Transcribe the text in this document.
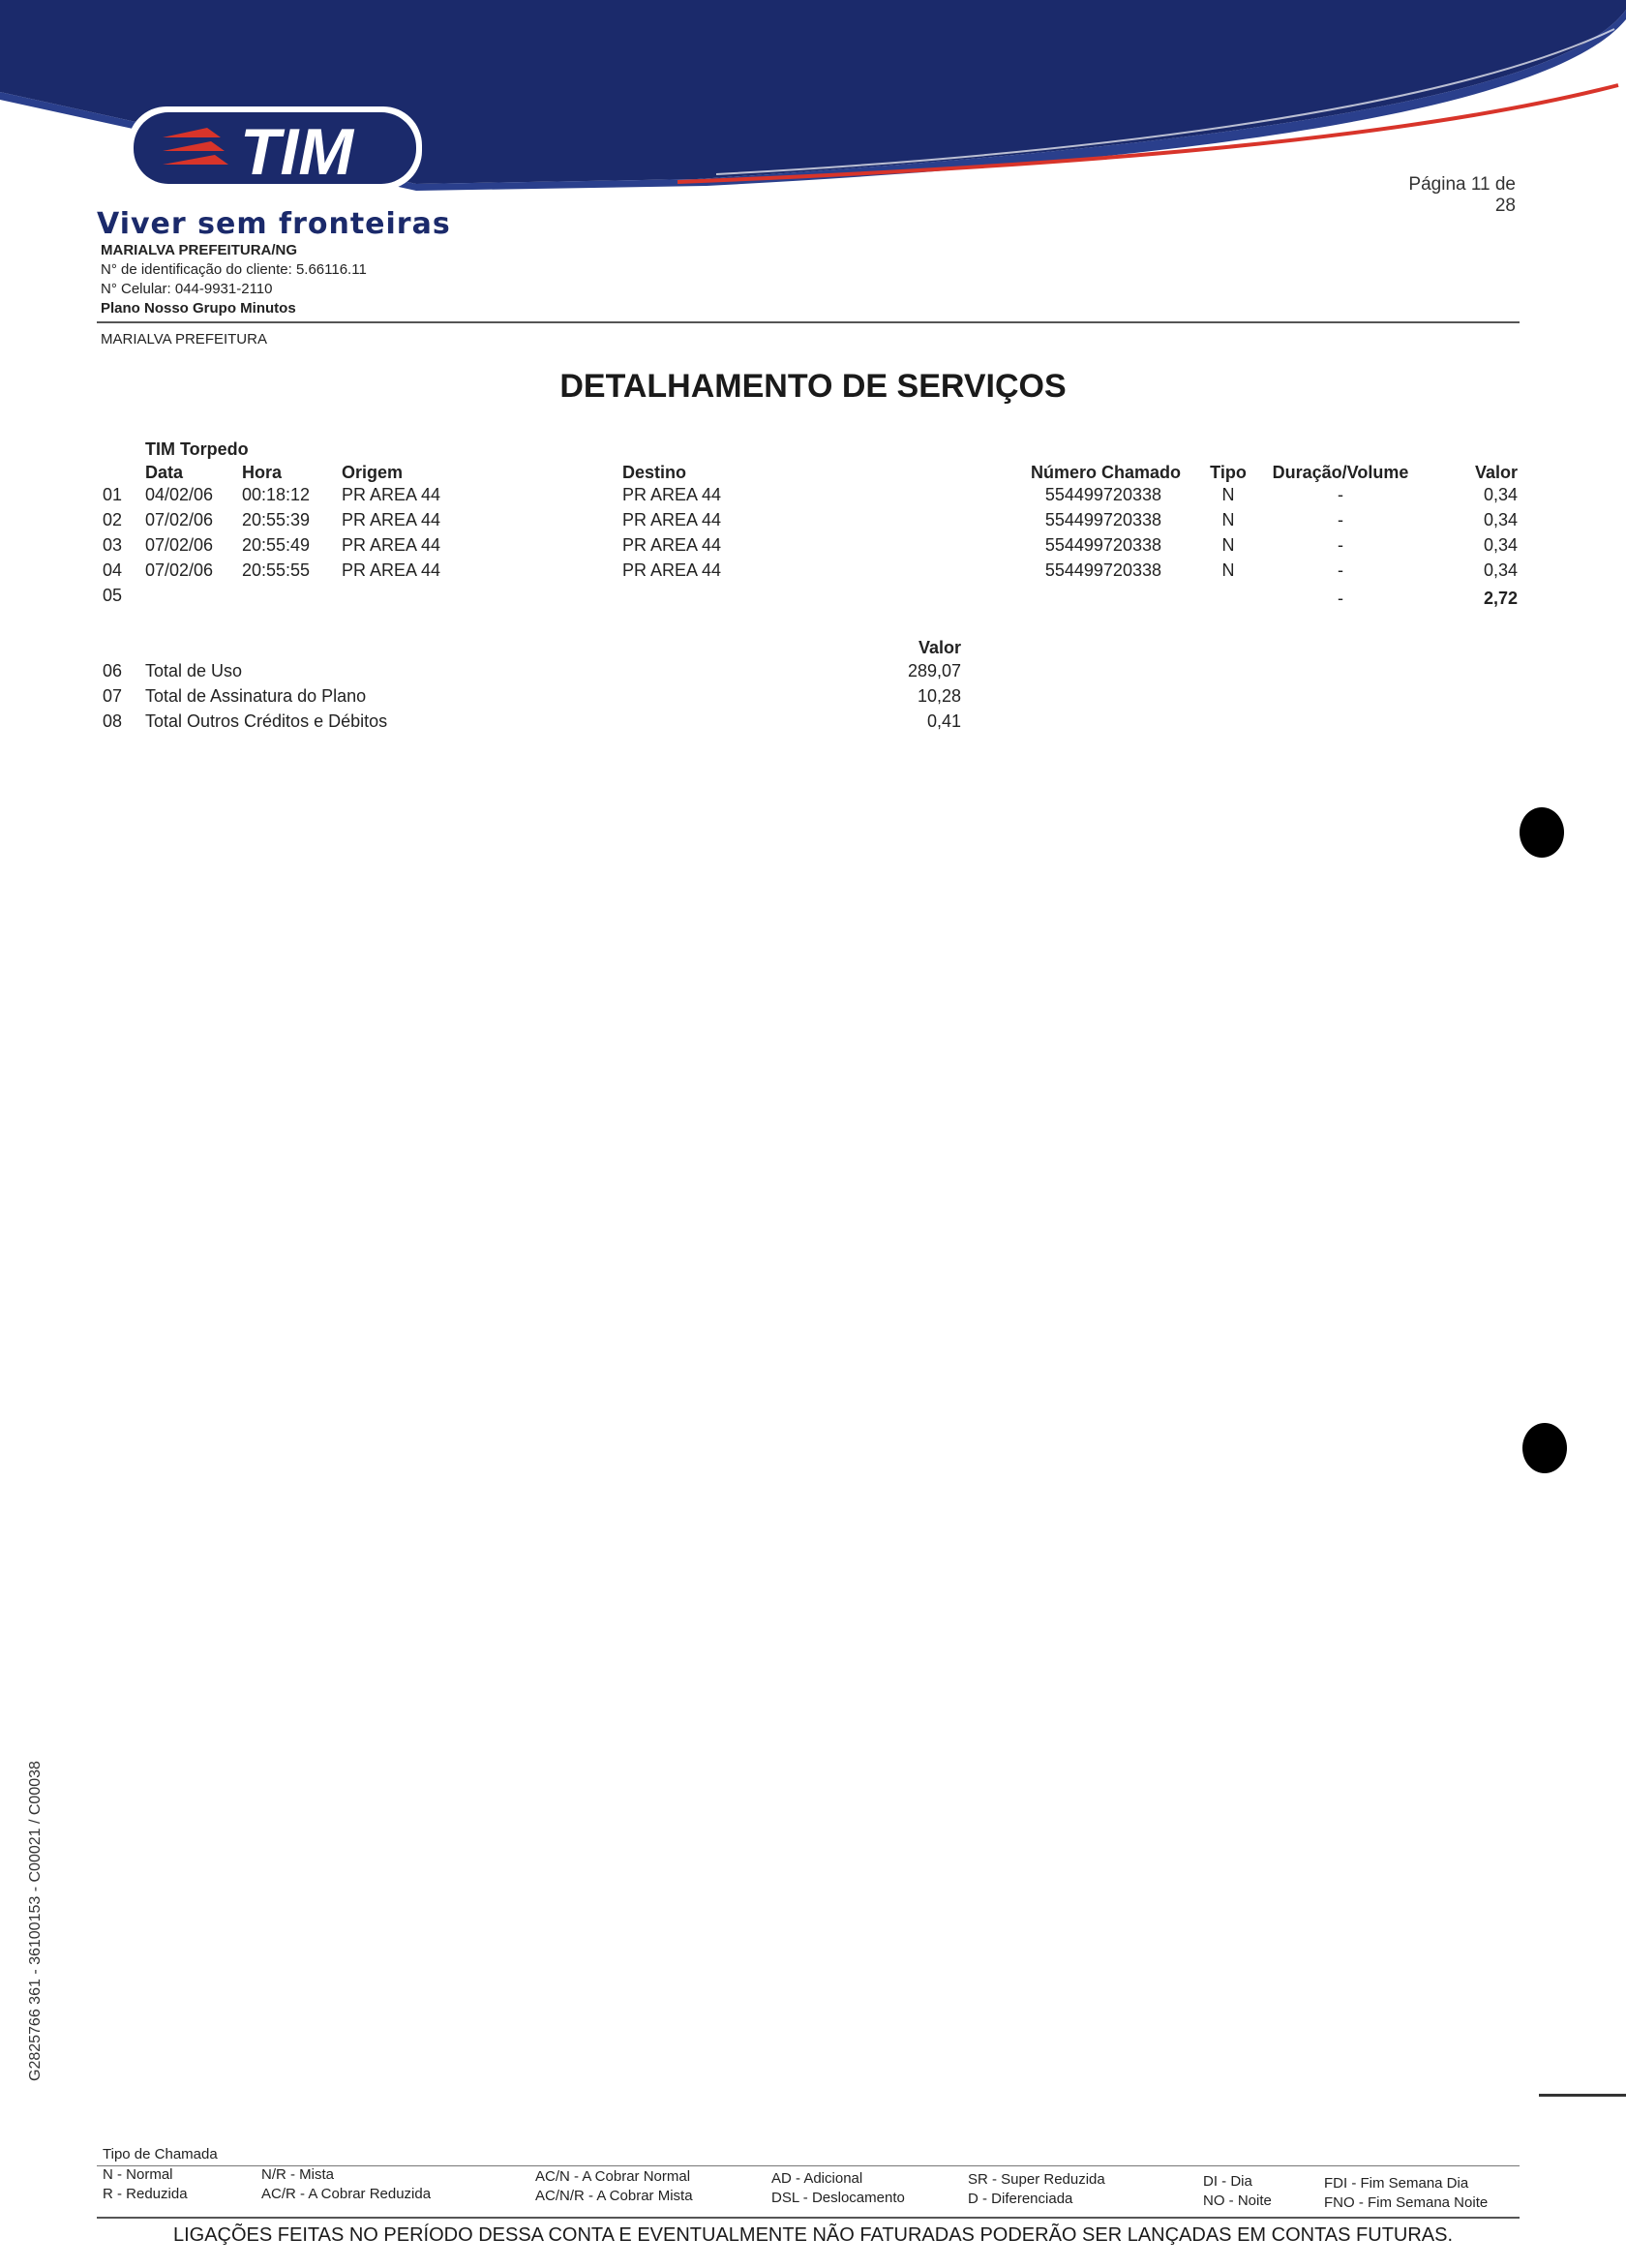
TIM	Página 11 de 28
Viver sem fronteiras
MARIALVA PREFEITURA/NG
N° de identificação do cliente: 5.66116.11
N° Celular: 044-9931-2110
Plano Nosso Grupo Minutos
MARIALVA PREFEITURA
DETALHAMENTO DE SERVIÇOS
TIM Torpedo
Data	Hora	Origem	Destino	Número Chamado	Tipo	Duração/Volume	Valor
01 04/02/06 00:18:12 PR AREA 44	PR AREA 44	554499720338	N	-	0,34
02 07/02/06 20:55:39 PR AREA 44	PR AREA 44	554499720338	N	-	0,34
03 07/02/06 20:55:49 PR AREA 44	PR AREA 44	554499720338	N	-	0,34
04 07/02/06 20:55:55 PR AREA 44	PR AREA 44	554499720338	N	-	0,34
05	-	2,72
Valor
06 Total de Uso	289,07
07 Total de Assinatura do Plano	10,28
08 Total Outros Créditos e Débitos	0,41
G2825766 361 - 36100153 - C00021 / C00038
Tipo de Chamada
N - Normal
R - Reduzida
N/R - Mista
AC/R - A Cobrar Reduzida
AC/N - A Cobrar Normal
AC/N/R - A Cobrar Mista
AD - Adicional
DSL - Deslocamento
SR - Super Reduzida
D - Diferenciada
DI - Dia
NO - Noite
FDI - Fim Semana Dia
FNO - Fim Semana Noite
LIGAÇÕES FEITAS NO PERÍODO DESSA CONTA E EVENTUALMENTE NÃO FATURADAS PODERÃO SER LANÇADAS EM CONTAS FUTURAS.
